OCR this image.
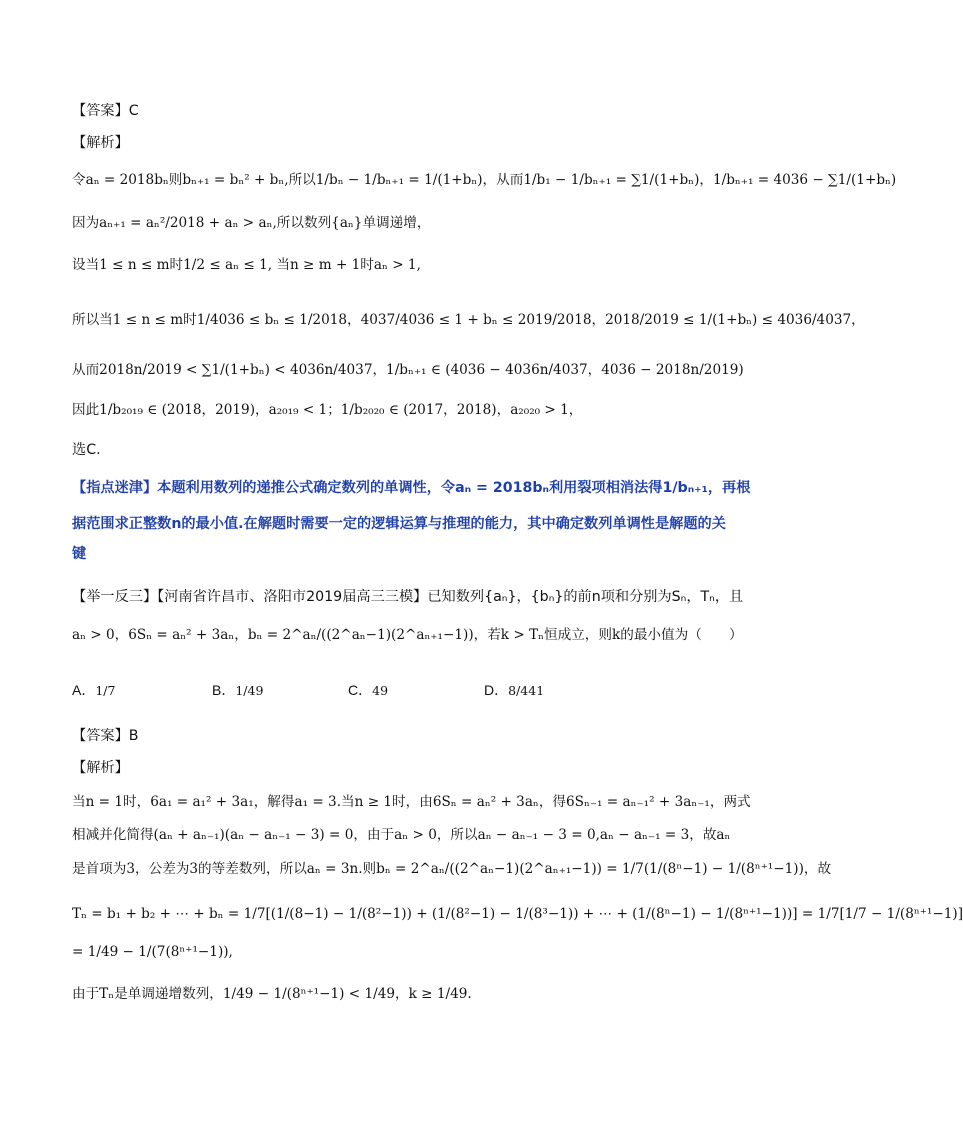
【答案】C
【解析】
令aₙ = 2018bₙ则bₙ₊₁ = bₙ² + bₙ,所以1/bₙ − 1/bₙ₊₁ = 1/(1+bₙ)，从而1/b₁ − 1/bₙ₊₁ = ∑1/(1+bₙ)，1/bₙ₊₁ = 4036 − ∑1/(1+bₙ)
因为aₙ₊₁ = aₙ²/2018 + aₙ > aₙ,所以数列{aₙ}单调递增，
设当1 ≤ n ≤ m时1/2 ≤ aₙ ≤ 1, 当n ≥ m + 1时aₙ > 1,
所以当1 ≤ n ≤ m时1/4036 ≤ bₙ ≤ 1/2018，4037/4036 ≤ 1 + bₙ ≤ 2019/2018，2018/2019 ≤ 1/(1+bₙ) ≤ 4036/4037，
从而2018n/2019 < ∑1/(1+bₙ) < 4036n/4037，1/bₙ₊₁ ∈ (4036 − 4036n/4037，4036 − 2018n/2019)
因此1/b₂₀₁₉ ∈ (2018，2019)，a₂₀₁₉ < 1；1/b₂₀₂₀ ∈ (2017，2018)，a₂₀₂₀ > 1，
选C.
【指点迷津】本题利用数列的递推公式确定数列的单调性，令aₙ = 2018bₙ利用裂项相消法得1/bₙ₊₁，再根
据范围求正整数n的最小值.在解题时需要一定的逻辑运算与推理的能力，其中确定数列单调性是解题的关
键
【举一反三】【河南省许昌市、洛阳市2019届高三三模】已知数列{aₙ}，{bₙ}的前n项和分别为Sₙ，Tₙ，且
aₙ > 0，6Sₙ = aₙ² + 3aₙ，bₙ = 2^aₙ/((2^aₙ−1)(2^aₙ₊₁−1))，若k > Tₙ恒成立，则k的最小值为（　　）
A．1/7	B．1/49	C．49	D．8/441
【答案】B
【解析】
当n = 1时，6a₁ = a₁² + 3a₁，解得a₁ = 3.当n ≥ 1时，由6Sₙ = aₙ² + 3aₙ，得6Sₙ₋₁ = aₙ₋₁² + 3aₙ₋₁，两式
相减并化简得(aₙ + aₙ₋₁)(aₙ − aₙ₋₁ − 3) = 0，由于aₙ > 0，所以aₙ − aₙ₋₁ − 3 = 0,aₙ − aₙ₋₁ = 3，故aₙ
是首项为3，公差为3的等差数列，所以aₙ = 3n.则bₙ = 2^aₙ/((2^aₙ−1)(2^aₙ₊₁−1)) = 1/7(1/(8ⁿ−1) − 1/(8ⁿ⁺¹−1))，故
Tₙ = b₁ + b₂ + ⋯ + bₙ = 1/7[(1/(8−1) − 1/(8²−1)) + (1/(8²−1) − 1/(8³−1)) + ⋯ + (1/(8ⁿ−1) − 1/(8ⁿ⁺¹−1))] = 1/7[1/7 − 1/(8ⁿ⁺¹−1)]
= 1/49 − 1/(7(8ⁿ⁺¹−1)),
由于Tₙ是单调递增数列，1/49 − 1/(8ⁿ⁺¹−1) < 1/49，k ≥ 1/49.
